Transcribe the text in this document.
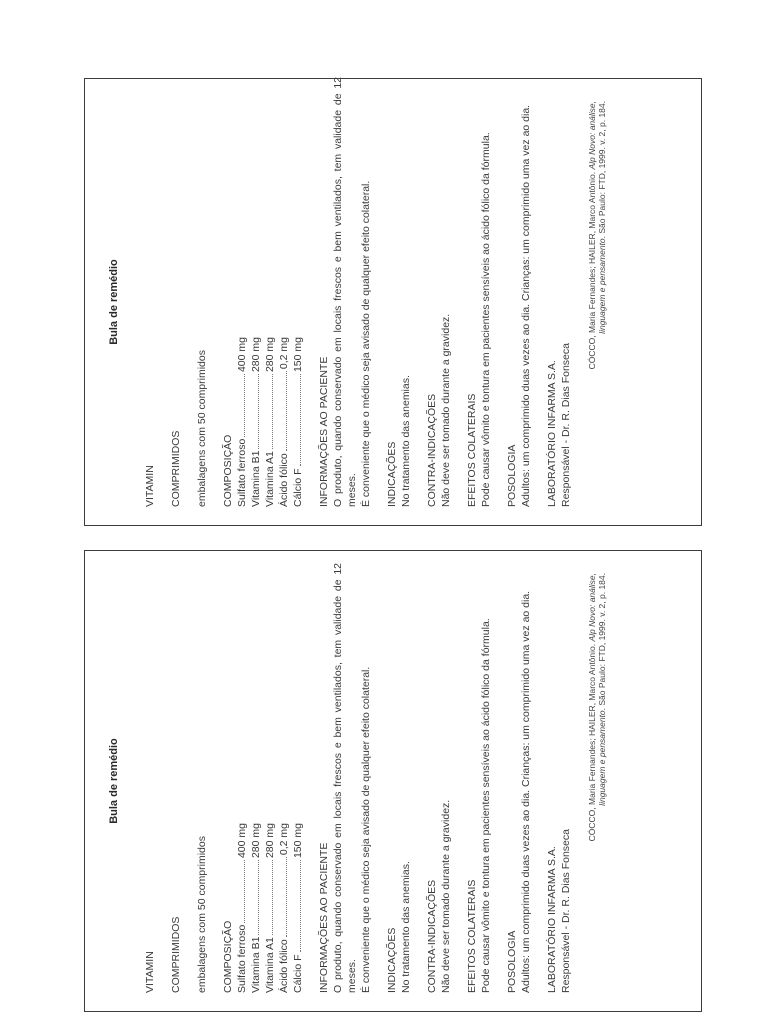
Bula de remédio
VITAMIN COMPRIMIDOS embalagens com 50 comprimidos COMPOSIÇÃO Sulfato ferroso
400 mg
Vitamina B1
280 mg
Vitamina A1
280 mg
Ácido fólico
0,2 mg
Cálcio F
150 mg
INFORMAÇÕES AO PACIENTE O produto, quando conservado em locais frescos e bem ventilados, tem validade de 12 meses. É conveniente que o médico seja avisado de qualquer efeito colateral. INDICAÇÕES No tratamento das anemias. CONTRA-INDICAÇÕES Não deve ser tomado durante a gravidez. EFEITOS COLATERAIS Pode causar vômito e tontura em pacientes sensíveis ao ácido fólico da fórmula. POSOLOGIA Adultos: um comprimido duas vezes ao dia. Crianças: um comprimido uma vez ao dia. LABORATÓRIO INFARMA S.A. Responsável - Dr. R. Dias Fonseca
CÓCCO, Maria Fernandes; HAILER, Marco Antônio. Alp Novo: análise,
linguagem e pensamento. São Paulo: FTD, 1999. v. 2, p. 184.
Bula de remédio
VITAMIN COMPRIMIDOS embalagens com 50 comprimidos COMPOSIÇÃO Sulfato ferroso
400 mg
Vitamina B1
280 mg
Vitamina A1
280 mg
Ácido fólico
0,2 mg
Cálcio F
150 mg
INFORMAÇÕES AO PACIENTE O produto, quando conservado em locais frescos e bem ventilados, tem validade de 12 meses. É conveniente que o médico seja avisado de qualquer efeito colateral. INDICAÇÕES No tratamento das anemias. CONTRA-INDICAÇÕES Não deve ser tomado durante a gravidez. EFEITOS COLATERAIS Pode causar vômito e tontura em pacientes sensíveis ao ácido fólico da fórmula. POSOLOGIA Adultos: um comprimido duas vezes ao dia. Crianças: um comprimido uma vez ao dia. LABORATÓRIO INFARMA S.A. Responsável - Dr. R. Dias Fonseca
CÓCCO, Maria Fernandes; HAILER, Marco Antônio. Alp Novo: análise,
linguagem e pensamento. São Paulo: FTD, 1999. v. 2, p. 184.
